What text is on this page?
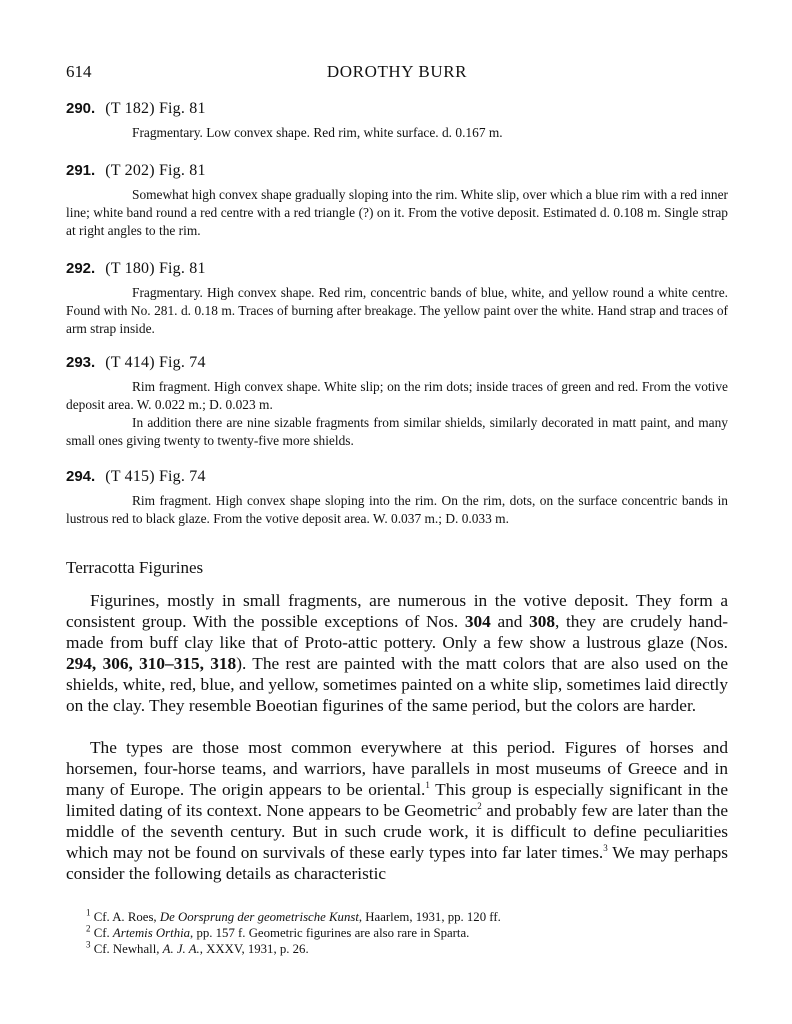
614	DOROTHY BURR

290. (T 182) Fig. 81

Fragmentary. Low convex shape. Red rim, white surface. d. 0.167 m.

291. (T 202) Fig. 81

Somewhat high convex shape gradually sloping into the rim. White slip, over which a blue rim with a red inner line; white band round a red centre with a red triangle (?) on it. From the votive deposit. Estimated d. 0.108 m. Single strap at right angles to the rim.

292. (T 180) Fig. 81

Fragmentary. High convex shape. Red rim, concentric bands of blue, white, and yellow round a white centre. Found with No. 281. d. 0.18 m. Traces of burning after breakage. The yellow paint over the white. Hand strap and traces of arm strap inside.

293. (T 414) Fig. 74

Rim fragment. High convex shape. White slip; on the rim dots; inside traces of green and red. From the votive deposit area. W. 0.022 m.; D. 0.023 m.

In addition there are nine sizable fragments from similar shields, similarly decorated in matt paint, and many small ones giving twenty to twenty-five more shields.

294. (T 415) Fig. 74

Rim fragment. High convex shape sloping into the rim. On the rim, dots, on the surface concentric bands in lustrous red to black glaze. From the votive deposit area. W. 0.037 m.; D. 0.033 m.

Terracotta Figurines

Figurines, mostly in small fragments, are numerous in the votive deposit. They form a consistent group. With the possible exceptions of Nos. 304 and 308, they are crudely hand-made from buff clay like that of Proto-attic pottery. Only a few show a lustrous glaze (Nos. 294, 306, 310–315, 318). The rest are painted with the matt colors that are also used on the shields, white, red, blue, and yellow, sometimes painted on a white slip, sometimes laid directly on the clay. They resemble Boeotian figurines of the same period, but the colors are harder.

The types are those most common everywhere at this period. Figures of horses and horsemen, four-horse teams, and warriors, have parallels in most museums of Greece and in many of Europe. The origin appears to be oriental.$^1$ This group is especially significant in the limited dating of its context. None appears to be Geometric$^2$ and probably few are later than the middle of the seventh century. But in such crude work, it is difficult to define peculiarities which may not be found on survivals of these early types into far later times.$^3$ We may perhaps consider the following details as characteristic

$^1$ Cf. A. Roes, De Oorsprung der geometrische Kunst, Haarlem, 1931, pp. 120 ff.

$^2$ Cf. Artemis Orthia, pp. 157 f. Geometric figurines are also rare in Sparta.

$^3$ Cf. Newhall, A. J. A., XXXV, 1931, p. 26.
